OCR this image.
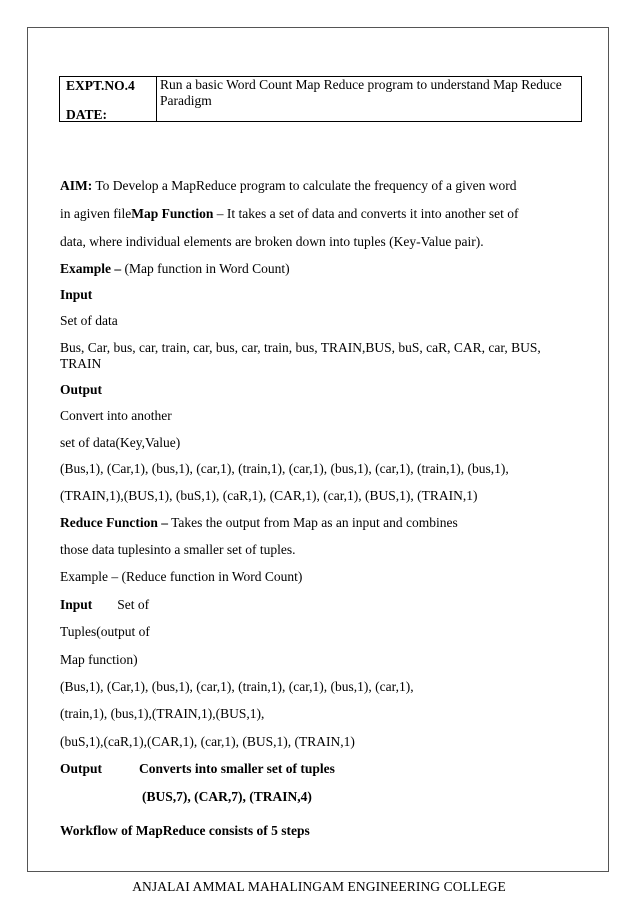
EXPT.NO.4
DATE:
	Run a basic Word Count Map Reduce program to understand Map Reduce Paradigm
AIM: To Develop a MapReduce program to calculate the frequency of a given word
in agiven fileMap Function – It takes a set of data and converts it into another set of
data, where individual elements are broken down into tuples (Key-Value pair).
Example – (Map function in Word Count)
Input
Set of data
Bus, Car, bus, car, train, car, bus, car, train, bus, TRAIN,BUS, buS, caR, CAR, car, BUS, TRAIN
Output
Convert into another
set of data(Key,Value)
(Bus,1), (Car,1), (bus,1), (car,1), (train,1), (car,1), (bus,1), (car,1), (train,1), (bus,1),
(TRAIN,1),(BUS,1), (buS,1), (caR,1), (CAR,1), (car,1), (BUS,1), (TRAIN,1)
Reduce Function – Takes the output from Map as an input and combines
those data tuplesinto a smaller set of tuples.
Example – (Reduce function in Word Count)
Input Set of
Tuples(output of
Map function)
(Bus,1), (Car,1), (bus,1), (car,1), (train,1), (car,1), (bus,1), (car,1),
(train,1), (bus,1),(TRAIN,1),(BUS,1),
(buS,1),(caR,1),(CAR,1), (car,1), (BUS,1), (TRAIN,1)
Output	Converts into smaller set of tuples
(BUS,7), (CAR,7), (TRAIN,4)
Workflow of MapReduce consists of 5 steps
ANJALAI AMMAL MAHALINGAM ENGINEERING COLLEGE
